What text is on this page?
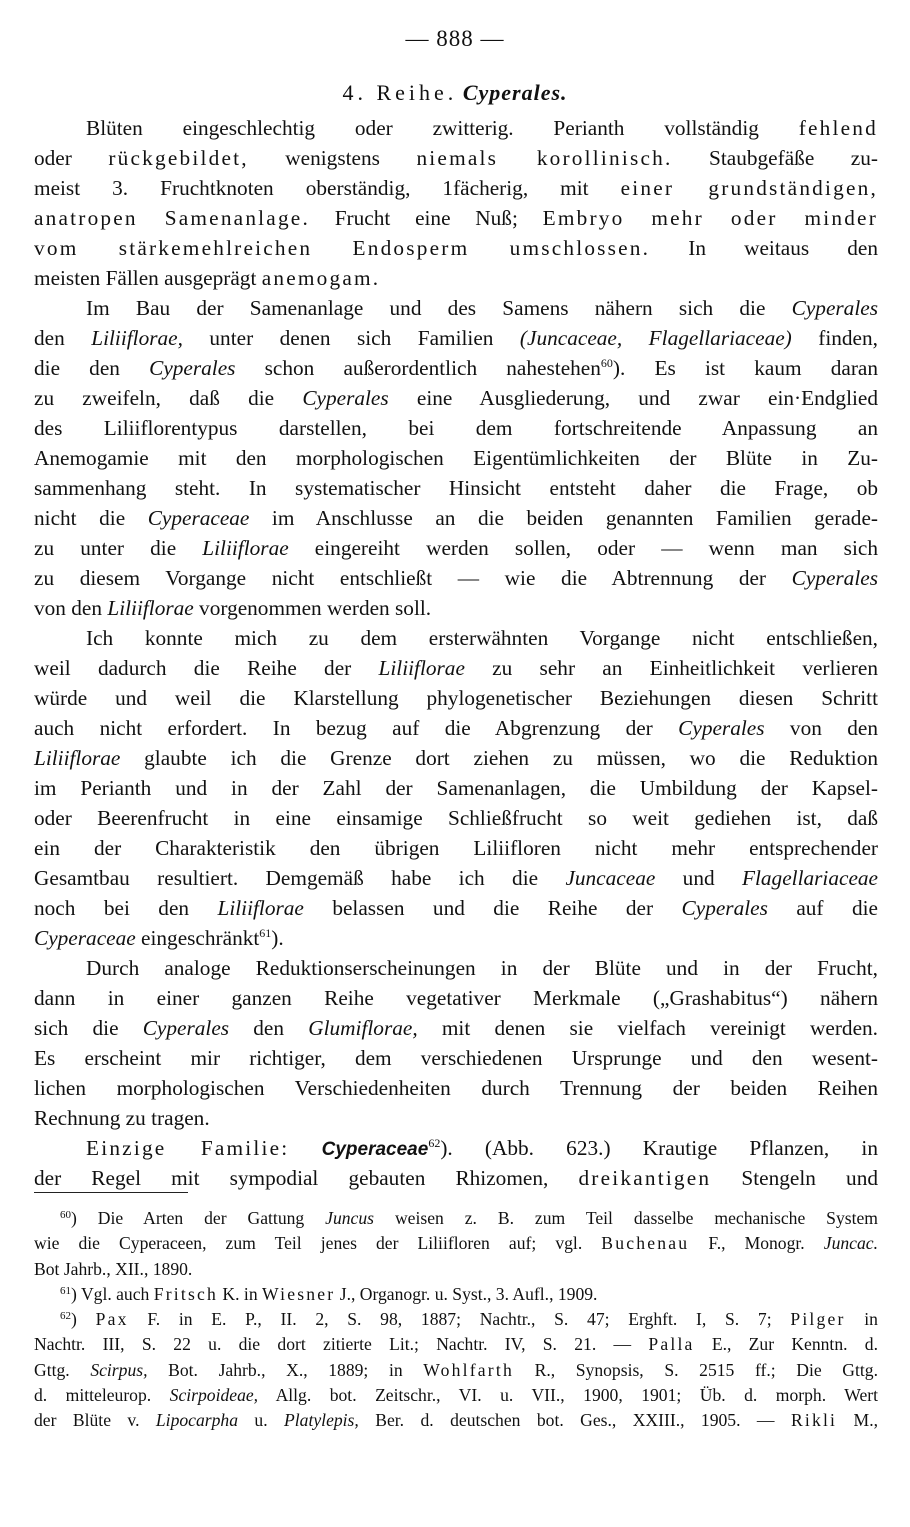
— 888 —
4. Reihe. Cyperales.
Blüten eingeschlechtig oder zwitterig. Perianth vollständig fehlend
oder rückgebildet, wenigstens niemals korollinisch. Staubgefäße zu-
meist 3. Fruchtknoten oberständig, 1fächerig, mit einer grundständigen,
anatropen Samenanlage. Frucht eine Nuß; Embryo mehr oder minder
vom stärkemehlreichen Endosperm umschlossen. In weitaus den
meisten Fällen ausgeprägt anemogam.
Im Bau der Samenanlage und des Samens nähern sich die Cyperales
den Liliiflorae, unter denen sich Familien (Juncaceae, Flagellariaceae) finden,
die den Cyperales schon außerordentlich nahestehen$^{60}$). Es ist kaum daran
zu zweifeln, daß die Cyperales eine Ausgliederung, und zwar ein·Endglied
des Liliiflorentypus darstellen, bei dem fortschreitende Anpassung an
Anemogamie mit den morphologischen Eigentümlichkeiten der Blüte in Zu-
sammenhang steht. In systematischer Hinsicht entsteht daher die Frage, ob
nicht die Cyperaceae im Anschlusse an die beiden genannten Familien gerade-
zu unter die Liliiflorae eingereiht werden sollen, oder — wenn man sich
zu diesem Vorgange nicht entschließt — wie die Abtrennung der Cyperales
von den Liliiflorae vorgenommen werden soll.
Ich konnte mich zu dem ersterwähnten Vorgange nicht entschließen,
weil dadurch die Reihe der Liliiflorae zu sehr an Einheitlichkeit verlieren
würde und weil die Klarstellung phylogenetischer Beziehungen diesen Schritt
auch nicht erfordert. In bezug auf die Abgrenzung der Cyperales von den
Liliiflorae glaubte ich die Grenze dort ziehen zu müssen, wo die Reduktion
im Perianth und in der Zahl der Samenanlagen, die Umbildung der Kapsel-
oder Beerenfrucht in eine einsamige Schließfrucht so weit gediehen ist, daß
ein der Charakteristik den übrigen Liliifloren nicht mehr entsprechender
Gesamtbau resultiert. Demgemäß habe ich die Juncaceae und Flagellariaceae
noch bei den Liliiflorae belassen und die Reihe der Cyperales auf die
Cyperaceae eingeschränkt$^{61}$).
Durch analoge Reduktionserscheinungen in der Blüte und in der Frucht,
dann in einer ganzen Reihe vegetativer Merkmale („Grashabitus“) nähern
sich die Cyperales den Glumiflorae, mit denen sie vielfach vereinigt werden.
Es erscheint mir richtiger, dem verschiedenen Ursprunge und den wesent-
lichen morphologischen Verschiedenheiten durch Trennung der beiden Reihen
Rechnung zu tragen.
Einzige Familie: Cyperaceae$^{62}$). (Abb. 623.) Krautige Pflanzen, in
der Regel mit sympodial gebauten Rhizomen, dreikantigen Stengeln und
$^{60}$) Die Arten der Gattung Juncus weisen z. B. zum Teil dasselbe mechanische System
wie die Cyperaceen, zum Teil jenes der Liliifloren auf; vgl. Buchenau F., Monogr. Juncac.
Bot Jahrb., XII., 1890.
$^{61}$) Vgl. auch Fritsch K. in Wiesner J., Organogr. u. Syst., 3. Aufl., 1909.
$^{62}$) Pax F. in E. P., II. 2, S. 98, 1887; Nachtr., S. 47; Erghft. I, S. 7; Pilger in
Nachtr. III, S. 22 u. die dort zitierte Lit.; Nachtr. IV, S. 21. — Palla E., Zur Kenntn. d.
Gttg. Scirpus, Bot. Jahrb., X., 1889; in Wohlfarth R., Synopsis, S. 2515 ff.; Die Gttg.
d. mitteleurop. Scirpoideae, Allg. bot. Zeitschr., VI. u. VII., 1900, 1901; Üb. d. morph. Wert
der Blüte v. Lipocarpha u. Platylepis, Ber. d. deutschen bot. Ges., XXIII., 1905. — Rikli M.,
